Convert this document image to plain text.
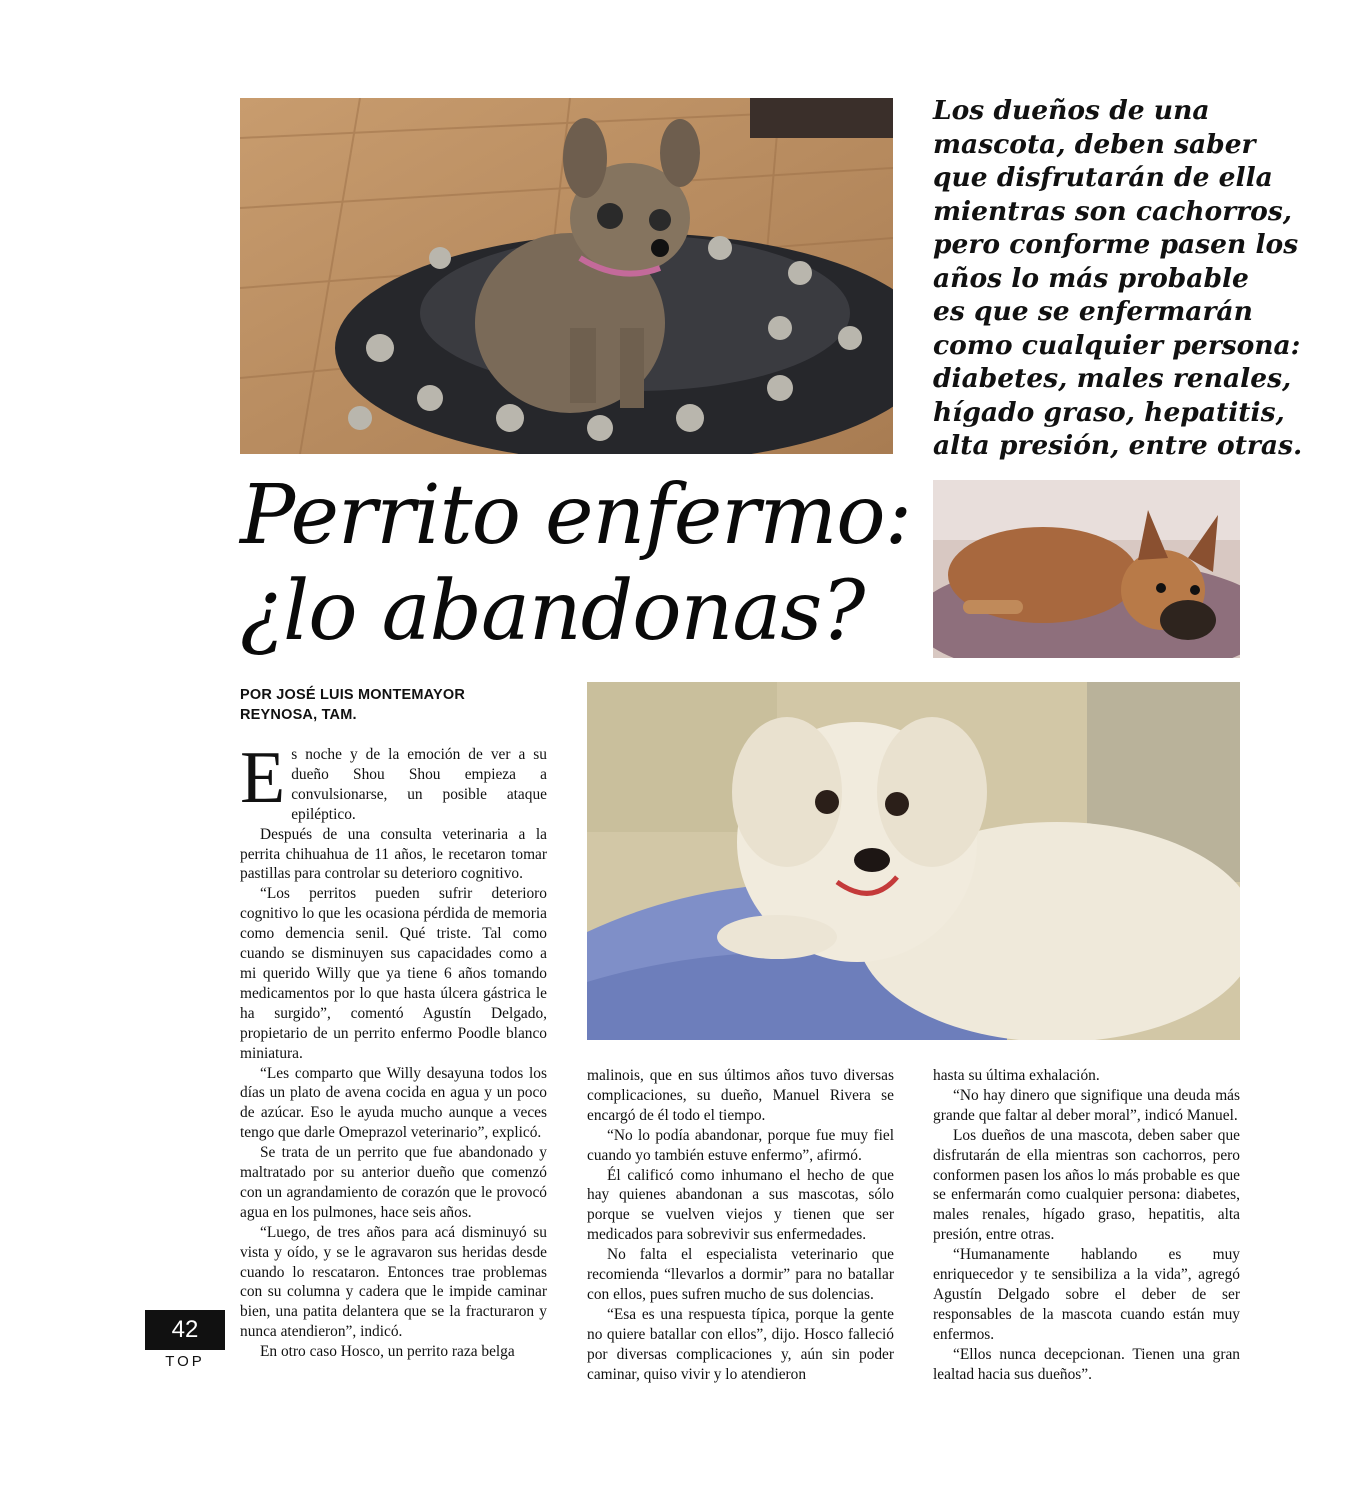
Los dueños de una
mascota, deben saber
que disfrutarán de ella
mientras son cachorros,
pero conforme pasen los
años lo más probable
es que se enfermarán
como cualquier persona:
diabetes, males renales,
hígado graso, hepatitis,
alta presión, entre otras.
Perrito enfermo:
¿lo abandonas?
POR JOSÉ LUIS MONTEMAYOR
REYNOSA, TAM.

Es noche y de la emoción de ver a su dueño Shou Shou empieza a convulsionarse, un posible ataque epiléptico.

Después de una consulta veterinaria a la perrita chihuahua de 11 años, le recetaron tomar pastillas para controlar su deterioro cognitivo.

“Los perritos pueden sufrir deterioro cognitivo lo que les ocasiona pérdida de memoria como demencia senil. Qué triste. Tal como cuando se disminuyen sus capacidades como a mi querido Willy que ya tiene 6 años tomando medicamentos por lo que hasta úlcera gástrica le ha surgido”, comentó Agustín Delgado, propietario de un perrito enfermo Poodle blanco miniatura.

“Les comparto que Willy desayuna todos los días un plato de avena cocida en agua y un poco de azúcar. Eso le ayuda mucho aunque a veces tengo que darle Omeprazol veterinario”, explicó.

Se trata de un perrito que fue abandonado y maltratado por su anterior dueño que comenzó con un agrandamiento de corazón que le provocó agua en los pulmones, hace seis años.

“Luego, de tres años para acá disminuyó su vista y oído, y se le agravaron sus heridas desde cuando lo rescataron. Entonces trae problemas con su columna y cadera que le impide caminar bien, una patita delantera que se la fracturaron y nunca atendieron”, indicó.

En otro caso Hosco, un perrito raza belga

malinois, que en sus últimos años tuvo diversas complicaciones, su dueño, Manuel Rivera se encargó de él todo el tiempo.

“No lo podía abandonar, porque fue muy fiel cuando yo también estuve enfermo”, afirmó.

Él calificó como inhumano el hecho de que hay quienes abandonan a sus mascotas, sólo porque se vuelven viejos y tienen que ser medicados para sobrevivir sus enfermedades.

No falta el especialista veterinario que recomienda “llevarlos a dormir” para no batallar con ellos, pues sufren mucho de sus dolencias.

“Esa es una respuesta típica, porque la gente no quiere batallar con ellos”, dijo. Hosco falleció por diversas complicaciones y, aún sin poder caminar, quiso vivir y lo atendieron

hasta su última exhalación.

“No hay dinero que signifique una deuda más grande que faltar al deber moral”, indicó Manuel.

Los dueños de una mascota, deben saber que disfrutarán de ella mientras son cachorros, pero conformen pasen los años lo más probable es que se enfermarán como cualquier persona: diabetes, males renales, hígado graso, hepatitis, alta presión, entre otras.

“Humanamente hablando es muy enriquecedor y te sensibiliza a la vida”, agregó Agustín Delgado sobre el deber de ser responsables de la mascota cuando están muy enfermos.

“Ellos nunca decepcionan. Tienen una gran lealtad hacia sus dueños”.

42
TOP
